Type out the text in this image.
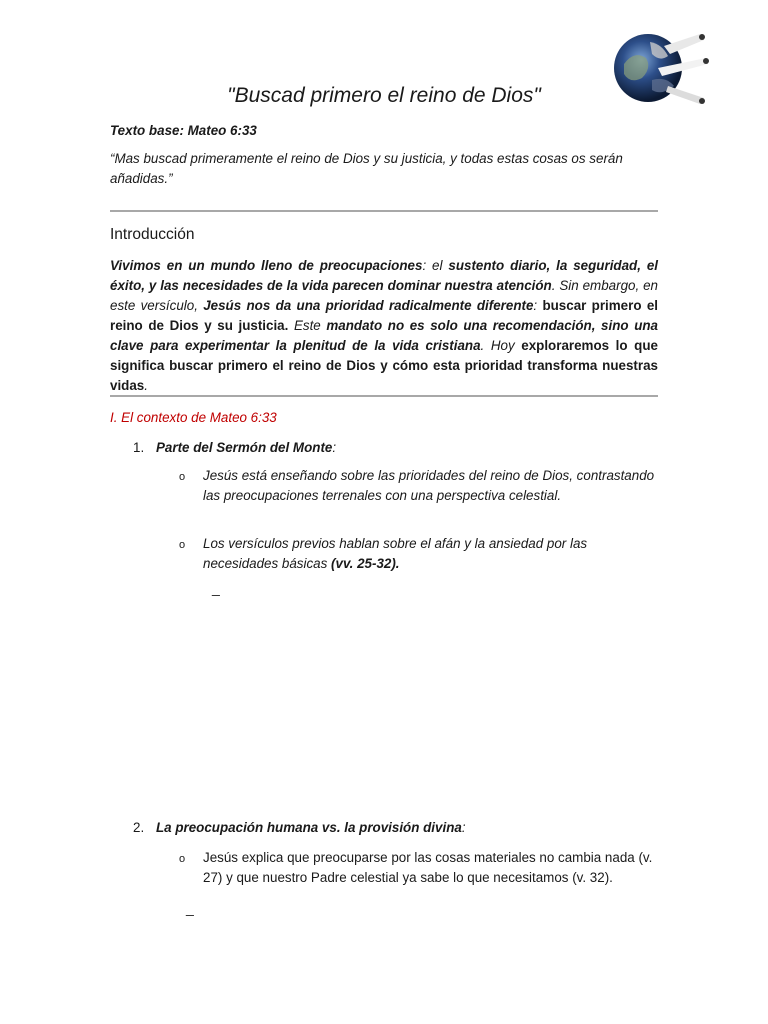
"Buscad primero el reino de Dios"

Texto base: Mateo 6:33

“Mas buscad primeramente el reino de Dios y su justicia, y todas estas cosas os serán añadidas.”

Introducción

Vivimos en un mundo lleno de preocupaciones: el sustento diario, la seguridad, el éxito, y las necesidades de la vida parecen dominar nuestra atención. Sin embargo, en este versículo, Jesús nos da una prioridad radicalmente diferente: buscar primero el reino de Dios y su justicia. Este mandato no es solo una recomendación, sino una clave para experimentar la plenitud de la vida cristiana. Hoy exploraremos lo que significa buscar primero el reino de Dios y cómo esta prioridad transforma nuestras vidas.

I. El contexto de Mateo 6:33

1. Parte del Sermón del Monte:

o Jesús está enseñando sobre las prioridades del reino de Dios, contrastando las preocupaciones terrenales con una perspectiva celestial.

o Los versículos previos hablan sobre el afán y la ansiedad por las necesidades básicas (vv. 25-32).

_
2. La preocupación humana vs. la provisión divina:

o Jesús explica que preocuparse por las cosas materiales no cambia nada (v. 27) y que nuestro Padre celestial ya sabe lo que necesitamos (v. 32).

_
